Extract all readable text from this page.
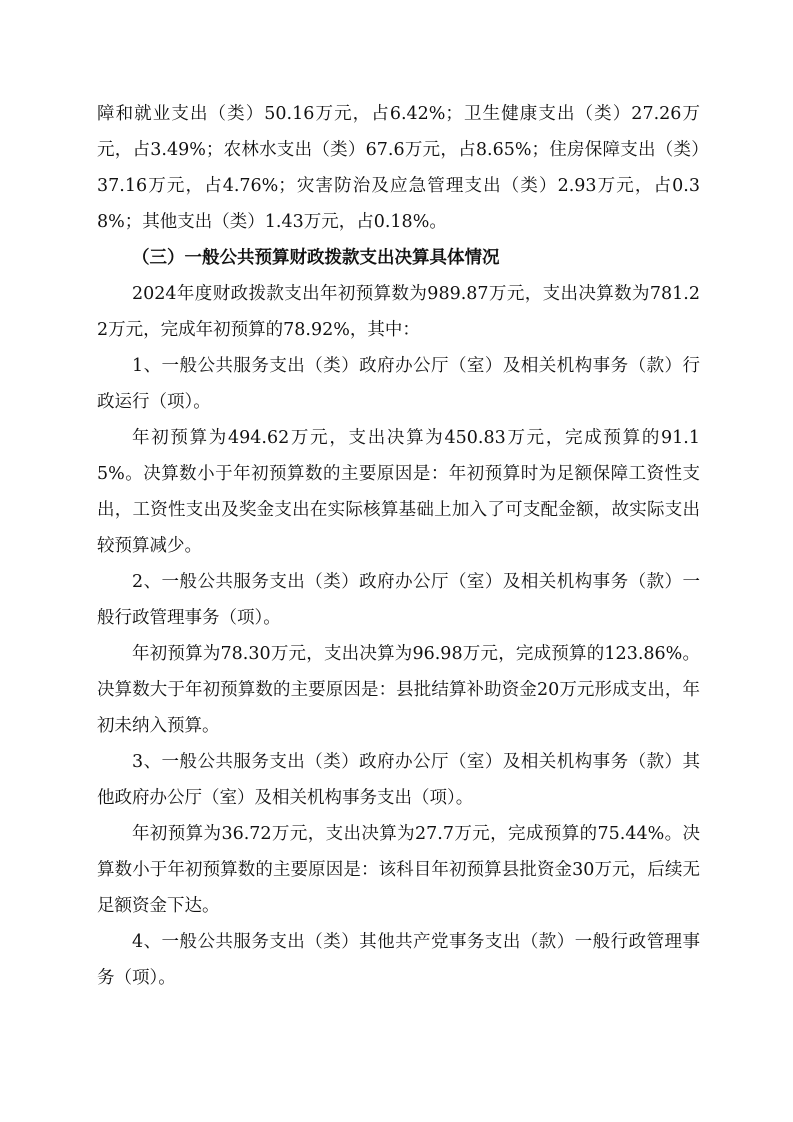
障和就业支出（类）50.16万元，占6.42%；卫生健康支出（类）27.26万元，占3.49%；农林水支出（类）67.6万元，占8.65%；住房保障支出（类）37.16万元，占4.76%；灾害防治及应急管理支出（类）2.93万元，占0.38%；其他支出（类）1.43万元，占0.18%。

（三）一般公共预算财政拨款支出决算具体情况

2024年度财政拨款支出年初预算数为989.87万元，支出决算数为781.22万元，完成年初预算的78.92%，其中：

1、一般公共服务支出（类）政府办公厅（室）及相关机构事务（款）行政运行（项）。

年初预算为494.62万元，支出决算为450.83万元，完成预算的91.15%。决算数小于年初预算数的主要原因是：年初预算时为足额保障工资性支出，工资性支出及奖金支出在实际核算基础上加入了可支配金额，故实际支出较预算减少。

2、一般公共服务支出（类）政府办公厅（室）及相关机构事务（款）一般行政管理事务（项）。

年初预算为78.30万元，支出决算为96.98万元，完成预算的123.86%。决算数大于年初预算数的主要原因是：县批结算补助资金20万元形成支出，年初未纳入预算。

3、一般公共服务支出（类）政府办公厅（室）及相关机构事务（款）其他政府办公厅（室）及相关机构事务支出（项）。

年初预算为36.72万元，支出决算为27.7万元，完成预算的75.44%。决算数小于年初预算数的主要原因是：该科目年初预算县批资金30万元，后续无足额资金下达。

4、一般公共服务支出（类）其他共产党事务支出（款）一般行政管理事务（项）。
